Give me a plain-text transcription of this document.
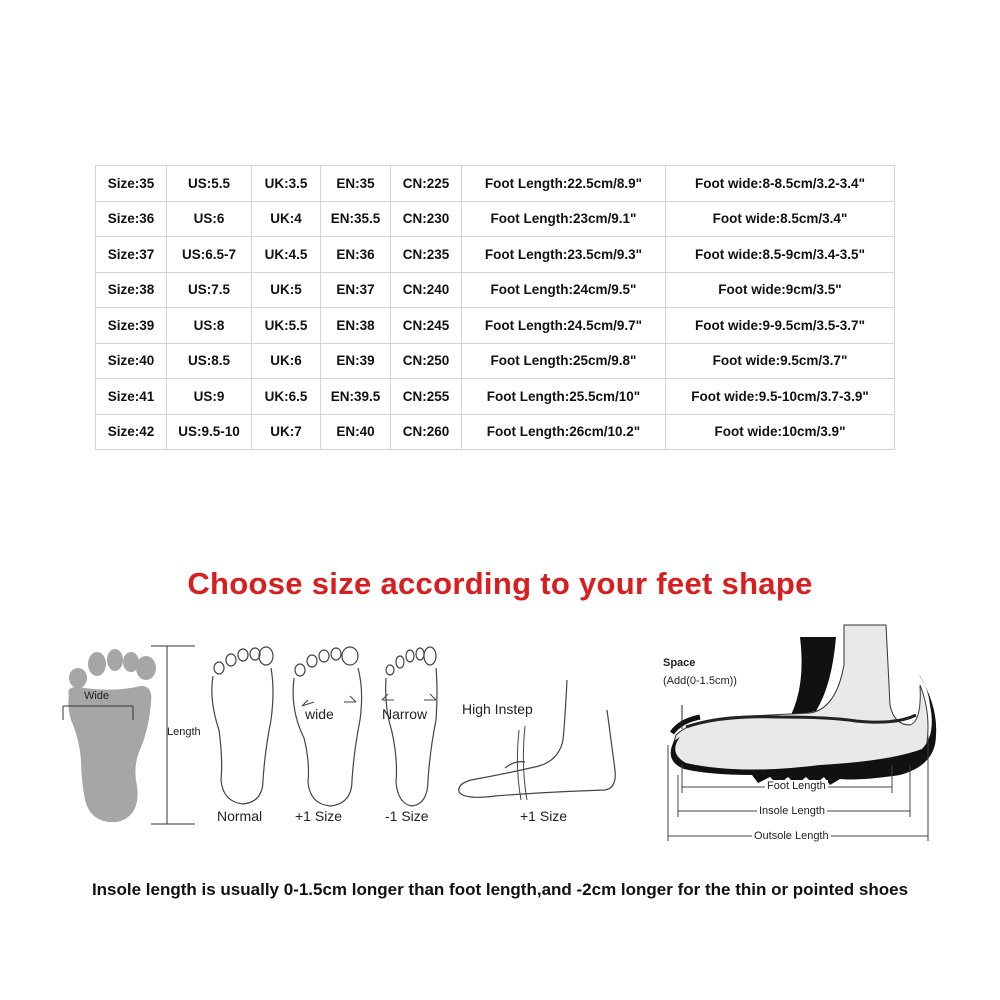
Size:35	US:5.5	UK:3.5	EN:35	CN:225	Foot Length:22.5cm/8.9"	Foot wide:8-8.5cm/3.2-3.4"
Size:36	US:6	UK:4	EN:35.5	CN:230	Foot Length:23cm/9.1"	Foot wide:8.5cm/3.4"
Size:37	US:6.5-7	UK:4.5	EN:36	CN:235	Foot Length:23.5cm/9.3"	Foot wide:8.5-9cm/3.4-3.5"
Size:38	US:7.5	UK:5	EN:37	CN:240	Foot Length:24cm/9.5"	Foot wide:9cm/3.5"
Size:39	US:8	UK:5.5	EN:38	CN:245	Foot Length:24.5cm/9.7"	Foot wide:9-9.5cm/3.5-3.7"
Size:40	US:8.5	UK:6	EN:39	CN:250	Foot Length:25cm/9.8"	Foot wide:9.5cm/3.7"
Size:41	US:9	UK:6.5	EN:39.5	CN:255	Foot Length:25.5cm/10"	Foot wide:9.5-10cm/3.7-3.9"
Size:42	US:9.5-10	UK:7	EN:40	CN:260	Foot Length:26cm/10.2"	Foot wide:10cm/3.9"
Choose size according to your feet shape
Wide
Length
Normal
wide
+1 Size
Narrow
-1 Size
High Instep
+1 Size
Space
(Add(0-1.5cm))
Foot Length
Insole Length
Outsole Length
Insole length is usually 0-1.5cm longer than foot length,and -2cm longer for the thin or pointed shoes
